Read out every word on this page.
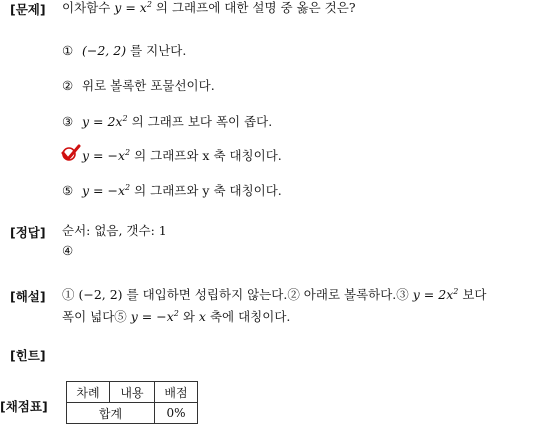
[문제] 이차함수 $y = x^2$ 의 그래프에 대한 설명 중 옳은 것은?
① (−2, 2) 를 지난다.
② 위로 볼록한 포물선이다.
③ $y = 2x^2$ 의 그래프 보다 폭이 좁다.
$y = -x^2$ 의 그래프와 x 축 대칭이다.
⑤ $y = -x^2$ 의 그래프와 y 축 대칭이다.
[정답] 순서: 없음, 갯수: 1
④
[해설] ① (−2, 2) 를 대입하면 성립하지 않는다.② 아래로 볼록하다.③ $y = 2x^2$ 보다
폭이 넓다⑤ $y = -x^2$ 와 x 축에 대칭이다.
[힌트]
[채점표]
차례	내용	배점
합계		0%
